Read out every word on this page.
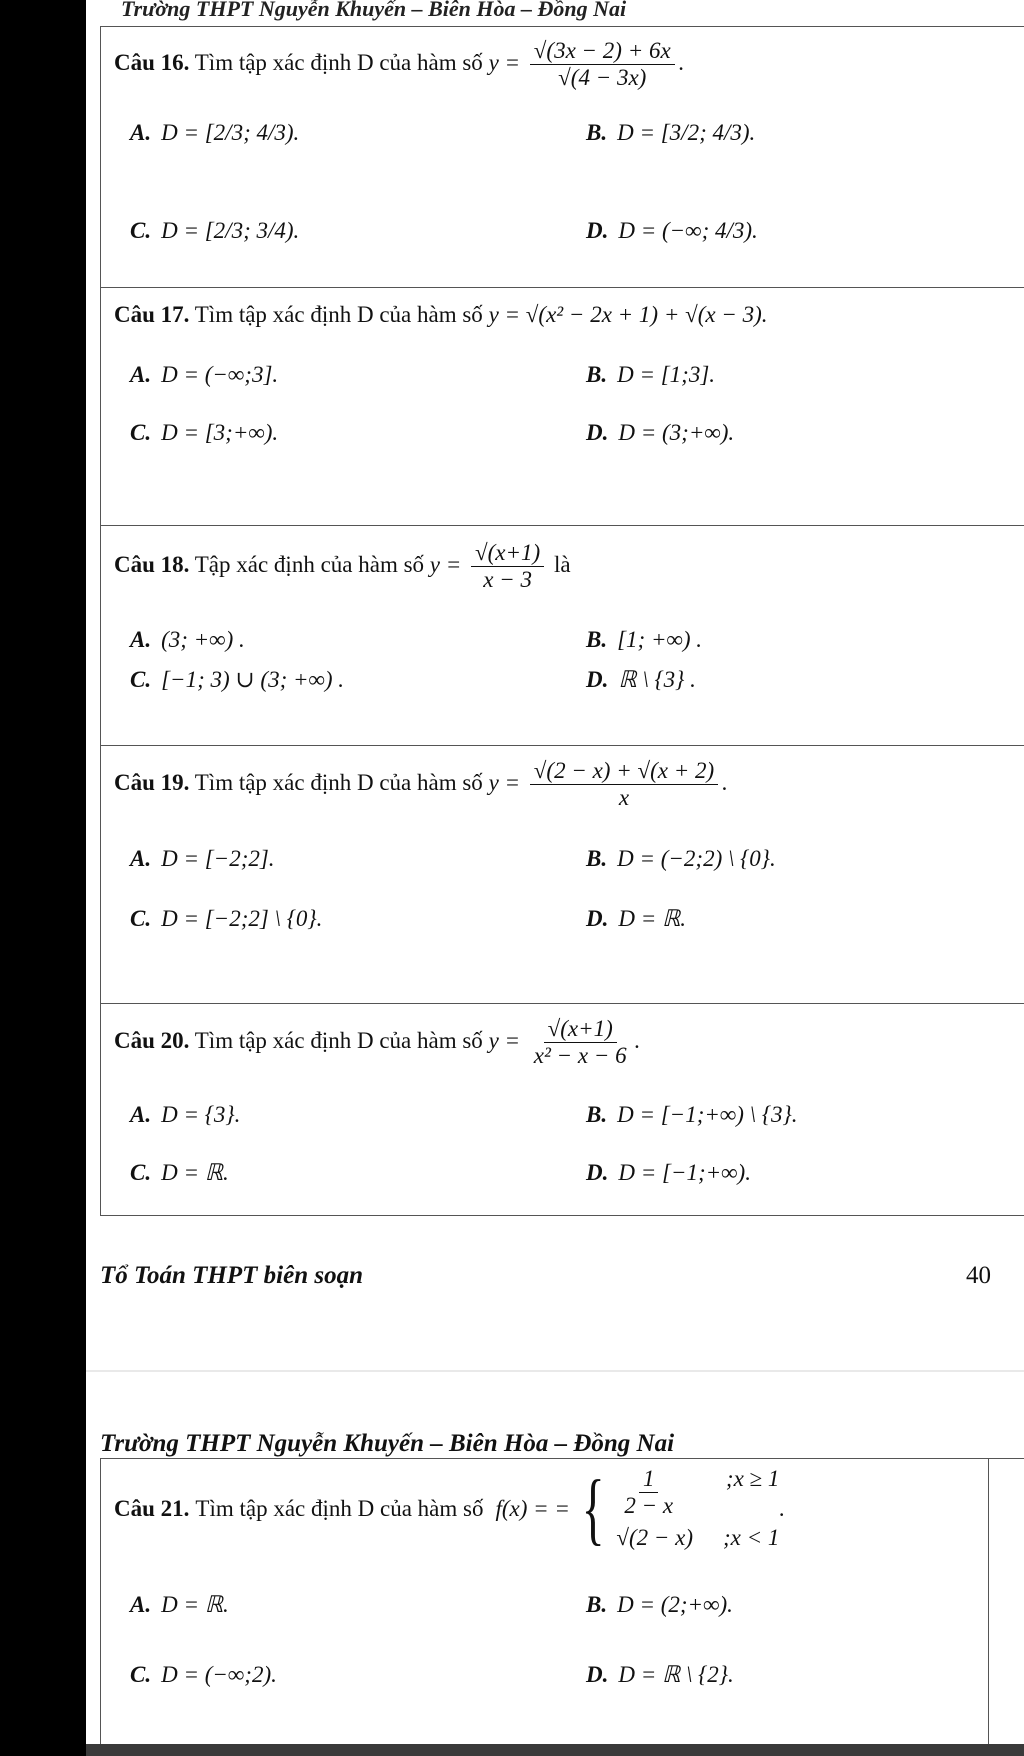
Trường THPT Nguyễn Khuyến – Biên Hòa – Đồng Nai
Câu 16. Tìm tập xác định D của hàm số $y = \frac{√(3x - 2) + 6x}{√(4 - 3x)}$ .
A. D = [2/3; 4/3).	B. D = [3/2; 4/3).
C. D = [2/3; 3/4).	D. D = (−∞; 4/3).
Câu 17. Tìm tập xác định D của hàm số y = √(x² − 2x + 1) + √(x − 3).
A. D = (−∞;3].	B. D = [1;3].
C. D = [3;+∞).	D. D = (3;+∞).
Câu 18. Tập xác định của hàm số $y = \frac{√(x+1)}{x - 3}$ là
A. (3; +∞) .	B. [1; +∞) .
C. [−1; 3) ∪ (3; +∞) .	D. ℝ \ {3} .
Câu 19. Tìm tập xác định D của hàm số $y = \frac{√(2 - x) + √(x + 2)}{x}$ .
A. D = [−2;2].	B. D = (−2;2) \ {0}.
C. D = [−2;2] \ {0}.	D. D = ℝ.
Câu 20. Tìm tập xác định D của hàm số $y = \frac{√(x+1)}{\text{x² − x − 6}}$ .
A. D = {3}.	B. D = [−1;+∞) \ {3}.
C. D = ℝ.	D. D = [−1;+∞).
Tổ Toán THPT biên soạn	40
Trường THPT Nguyễn Khuyến – Biên Hòa – Đồng Nai
Câu 21. Tìm tập xác định D của hàm số f(x) = = { $\frac{1}{2 - x}$ ;x ≥ 1
√(2 − x) ;x < 1
.
A. D = ℝ.	B. D = (2;+∞).
C. D = (−∞;2).	D. D = ℝ \ {2}.
